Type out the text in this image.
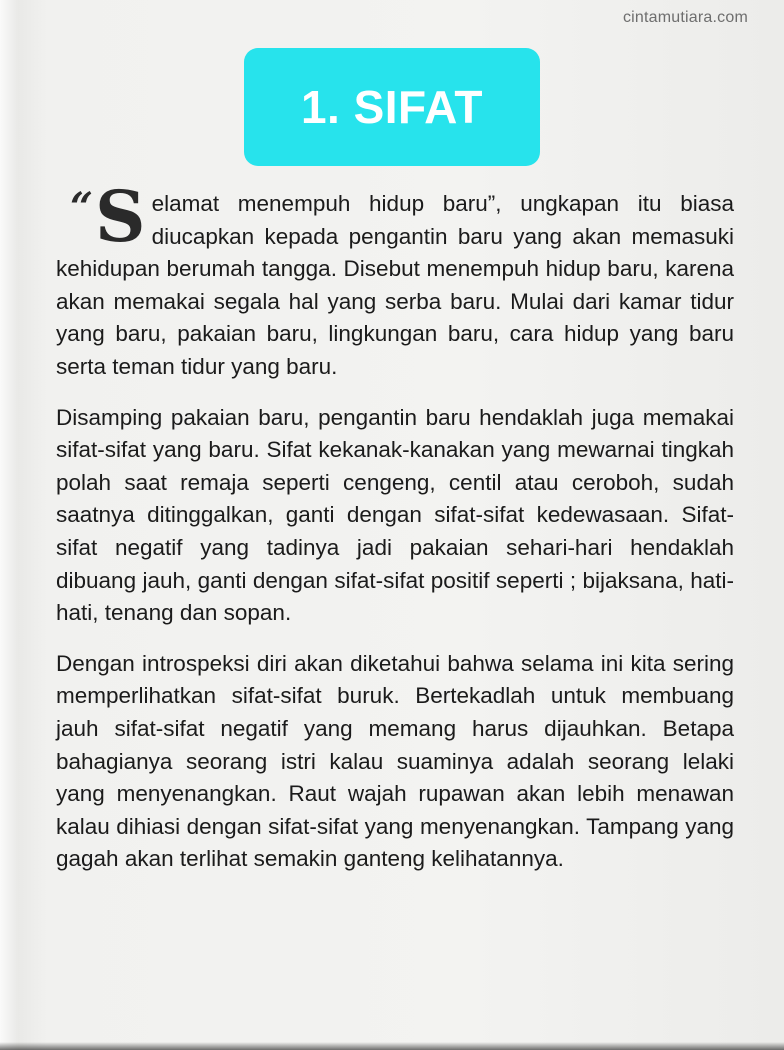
cintamutiara.com
1. SIFAT

“ S elamat menempuh hidup baru”, ungkapan itu biasa diucapkan kepada pengantin baru yang akan memasuki kehidupan berumah tangga. Disebut menempuh hidup baru, karena akan memakai segala hal yang serba baru. Mulai dari kamar tidur yang baru, pakaian baru, lingkungan baru, cara hidup yang baru serta teman tidur yang baru.

Disamping pakaian baru, pengantin baru hendaklah juga memakai sifat-sifat yang baru. Sifat kekanak-kanakan yang mewarnai tingkah polah saat remaja seperti cengeng, centil atau ceroboh, sudah saatnya ditinggalkan, ganti dengan sifat-sifat kedewasaan. Sifat-sifat negatif yang tadinya jadi pakaian sehari-hari hendaklah dibuang jauh, ganti dengan sifat-sifat positif seperti ; bijaksana, hati-hati, tenang dan sopan.

Dengan introspeksi diri akan diketahui bahwa selama ini kita sering memperlihatkan sifat-sifat buruk. Bertekadlah untuk membuang jauh sifat-sifat negatif yang memang harus dijauhkan. Betapa bahagianya seorang istri kalau suaminya adalah seorang lelaki yang menyenangkan. Raut wajah rupawan akan lebih menawan kalau dihiasi dengan sifat-sifat yang menyenangkan. Tampang yang gagah akan terlihat semakin ganteng kelihatannya.
